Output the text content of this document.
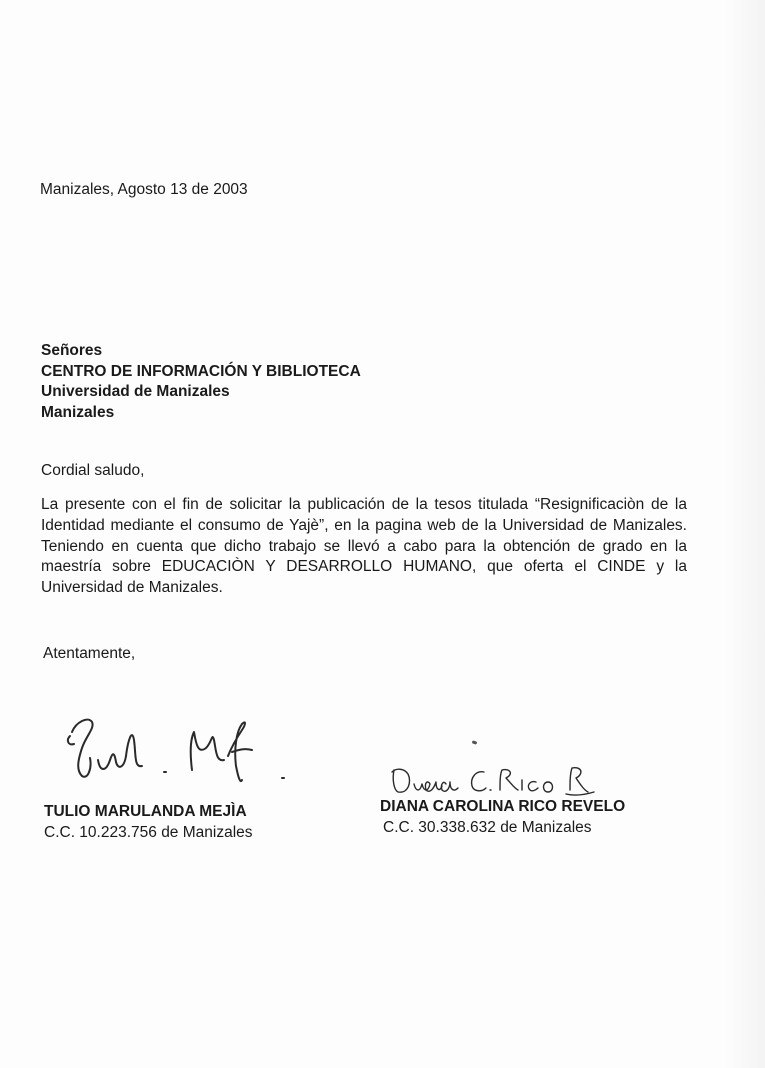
Manizales, Agosto 13 de 2003
Señores
CENTRO DE INFORMACIÓN Y BIBLIOTECA
Universidad de Manizales
Manizales
Cordial saludo,

La presente con el fin de solicitar la publicación de la tesos titulada “Resignificaciòn de la Identidad mediante el consumo de Yajè”, en la pagina web de la Universidad de Manizales. Teniendo en cuenta que dicho trabajo se llevó a cabo para la obtención de grado en la maestría sobre EDUCACIÒN Y DESARROLLO HUMANO, que oferta el CINDE y la Universidad de Manizales.

Atentamente,
TULIO MARULANDA MEJÌA
C.C. 10.223.756 de Manizales
DIANA CAROLINA RICO REVELO
C.C. 30.338.632 de Manizales
